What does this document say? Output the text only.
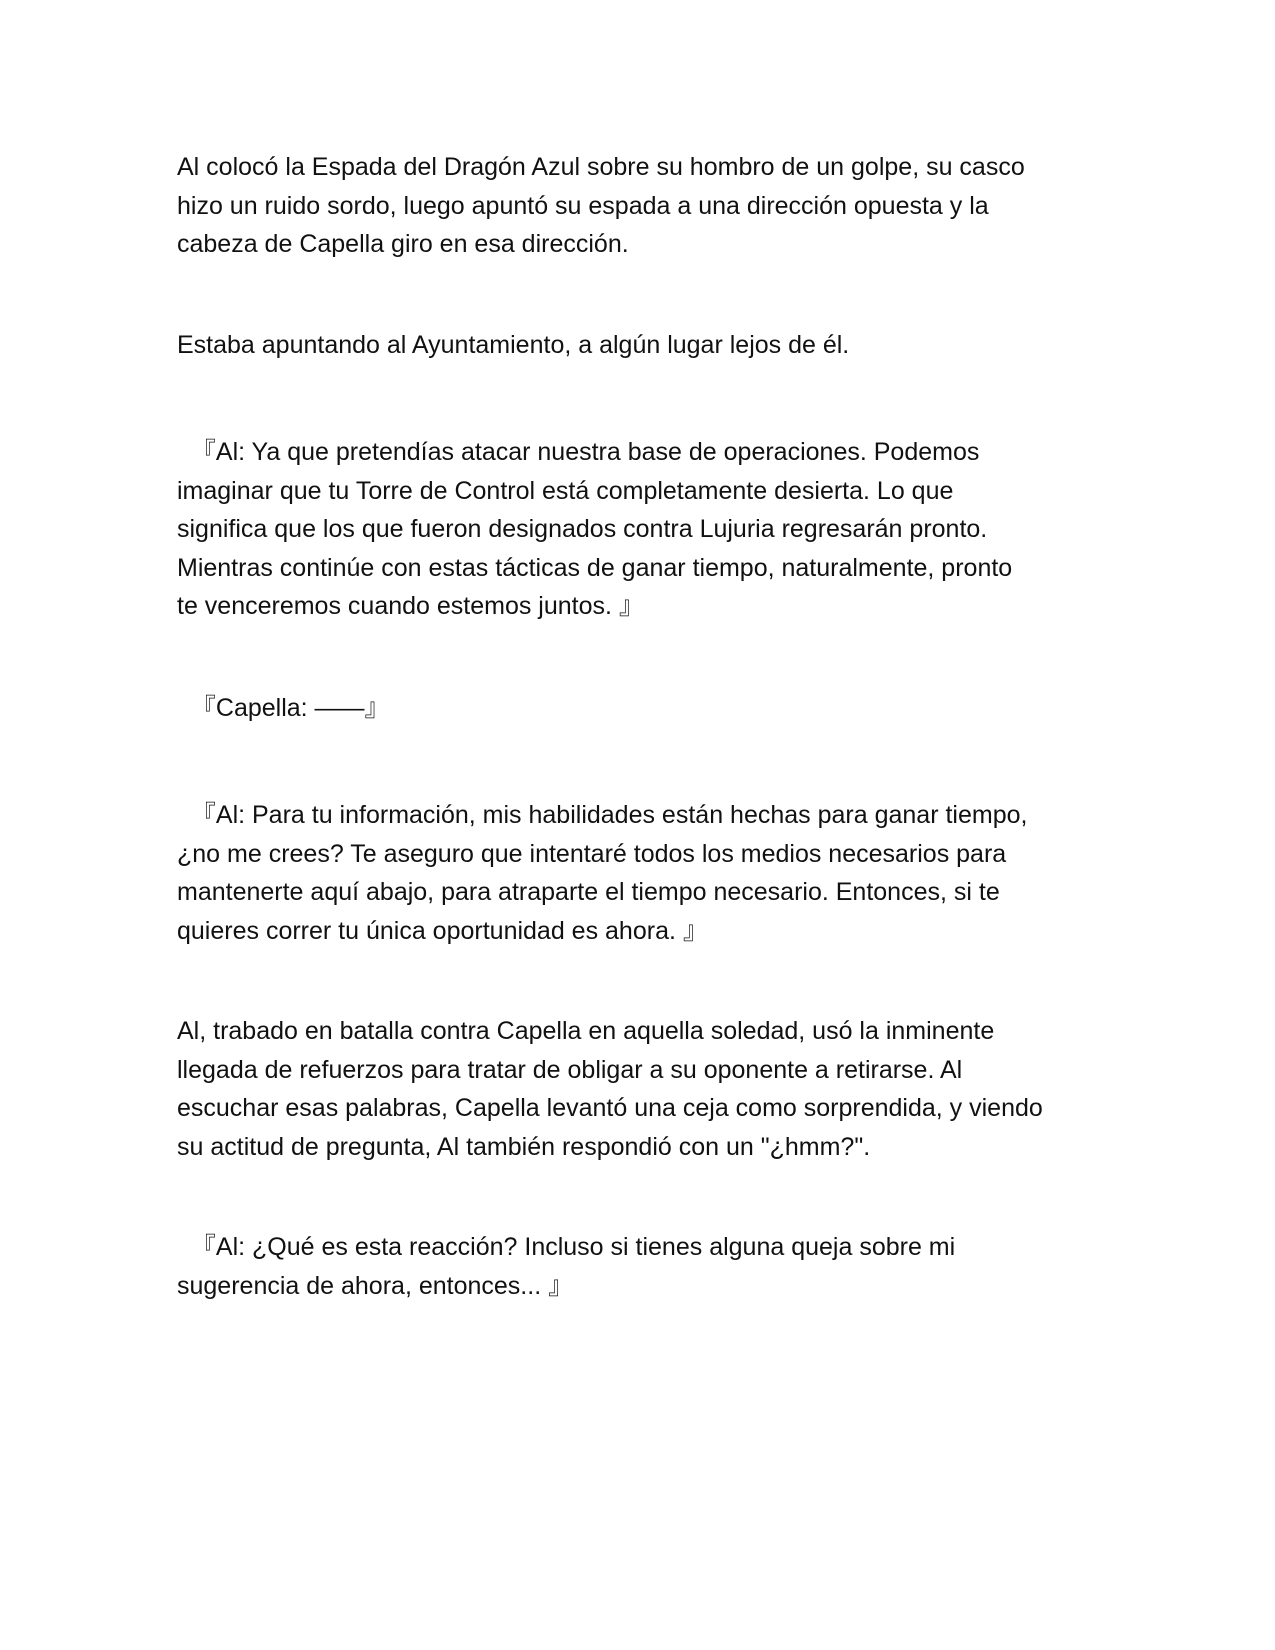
Al colocó la Espada del Dragón Azul sobre su hombro de un golpe, su casco
hizo un ruido sordo, luego apuntó su espada a una dirección opuesta y la
cabeza de Capella giro en esa dirección.

Estaba apuntando al Ayuntamiento, a algún lugar lejos de él.

『Al: Ya que pretendías atacar nuestra base de operaciones. Podemos
imaginar que tu Torre de Control está completamente desierta. Lo que
significa que los que fueron designados contra Lujuria regresarán pronto.
Mientras continúe con estas tácticas de ganar tiempo, naturalmente, pronto
te venceremos cuando estemos juntos. 』

『Capella: ——』

『Al: Para tu información, mis habilidades están hechas para ganar tiempo,
¿no me crees? Te aseguro que intentaré todos los medios necesarios para
mantenerte aquí abajo, para atraparte el tiempo necesario. Entonces, si te
quieres correr tu única oportunidad es ahora. 』

Al, trabado en batalla contra Capella en aquella soledad, usó la inminente
llegada de refuerzos para tratar de obligar a su oponente a retirarse. Al
escuchar esas palabras, Capella levantó una ceja como sorprendida, y viendo
su actitud de pregunta, Al también respondió con un "¿hmm?".

『Al: ¿Qué es esta reacción? Incluso si tienes alguna queja sobre mi
sugerencia de ahora, entonces... 』
